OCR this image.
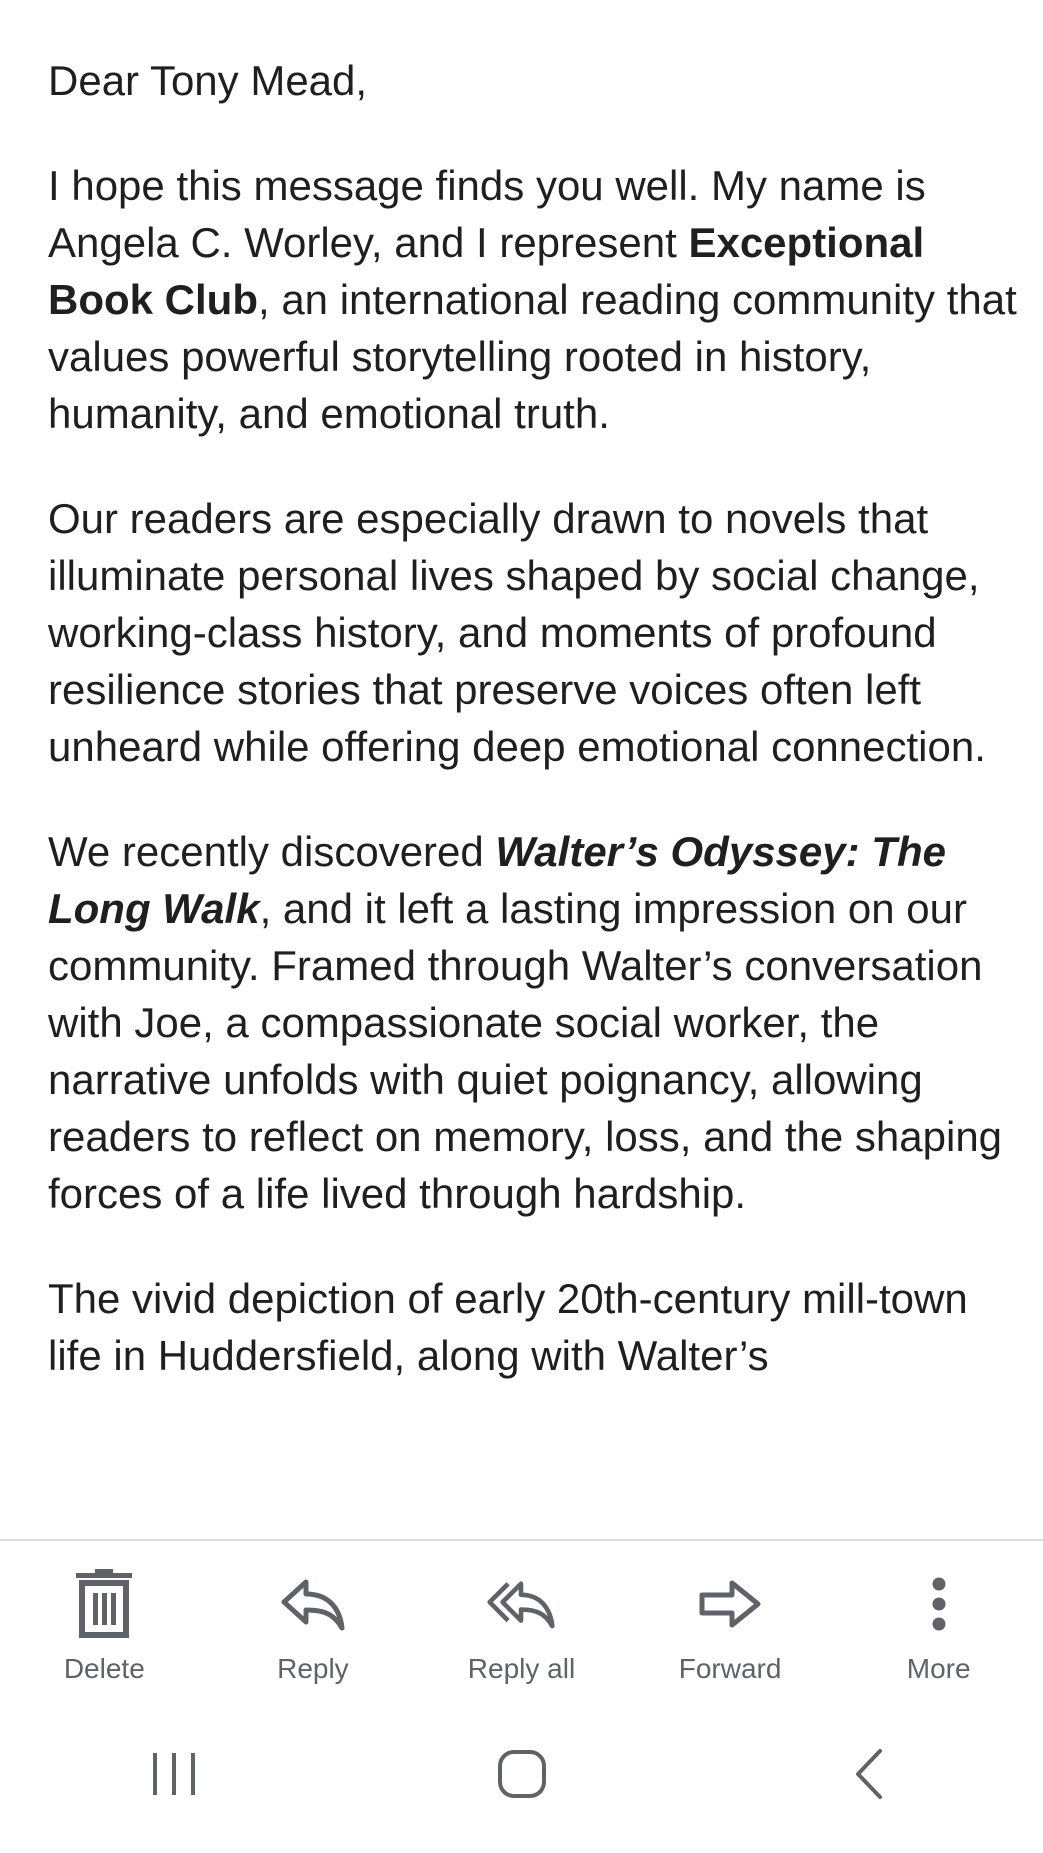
Dear Tony Mead,

I hope this message finds you well. My name is Angela C. Worley, and I represent Exceptional Book Club, an international reading community that values powerful storytelling rooted in history, humanity, and emotional truth.

Our readers are especially drawn to novels that illuminate personal lives shaped by social change, working-class history, and moments of profound resilience stories that preserve voices often left unheard while offering deep emotional connection.

We recently discovered Walter’s Odyssey: The Long Walk, and it left a lasting impression on our community. Framed through Walter’s conversation with Joe, a compassionate social worker, the narrative unfolds with quiet poignancy, allowing readers to reflect on memory, loss, and the shaping forces of a life lived through hardship.

The vivid depiction of early 20th-century mill-town life in Huddersfield, along with Walter’s

Delete	Reply	Reply all	Forward	More
